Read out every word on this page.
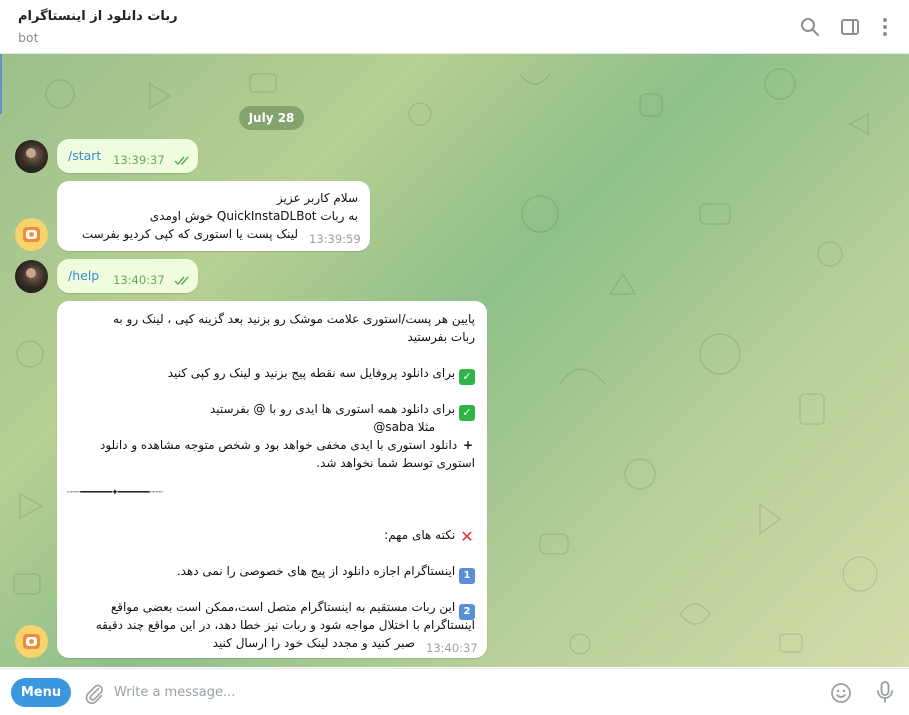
ربات دانلود از اینستاگرام
bot
July 28
/start 13:39:37
سلام کاربر عزیز
به ربات QuickInstaDLBot خوش اومدی
لینک پست یا استوری که کپی کردیو بفرست 13:39:59
/help 13:40:37
پایین هر پست/استوری علامت موشک رو بزنید بعد گزینه کپی ، لینک رو به
ربات بفرستید
✓ برای دانلود پروفایل سه نقطه پیج بزنید و لینک رو کپی کنید
✓ برای دانلود همه استوری ها ایدی رو با @ بفرستید
مثلا saba@
+ دانلود استوری با ایدی مخفی خواهد بود و شخص متوجه مشاهده و دانلود
استوری توسط شما نخواهد شد.
┈┈┈━━━━━━━✦━━━━━━━┈┈┈
✕ نکته های مهم:
1 اینستاگرام اجازه دانلود از پیج های خصوصی را نمی دهد.
2 این ربات مستقیم به اینستاگرام متصل است،ممکن است بعضی مواقع
اینستاگرام با اختلال مواجه شود و ربات نیز خطا دهد، در این مواقع چند دقیقه
صبر کنید و مجدد لینک خود را ارسال کنید 13:40:37
Menu
Write a message...
